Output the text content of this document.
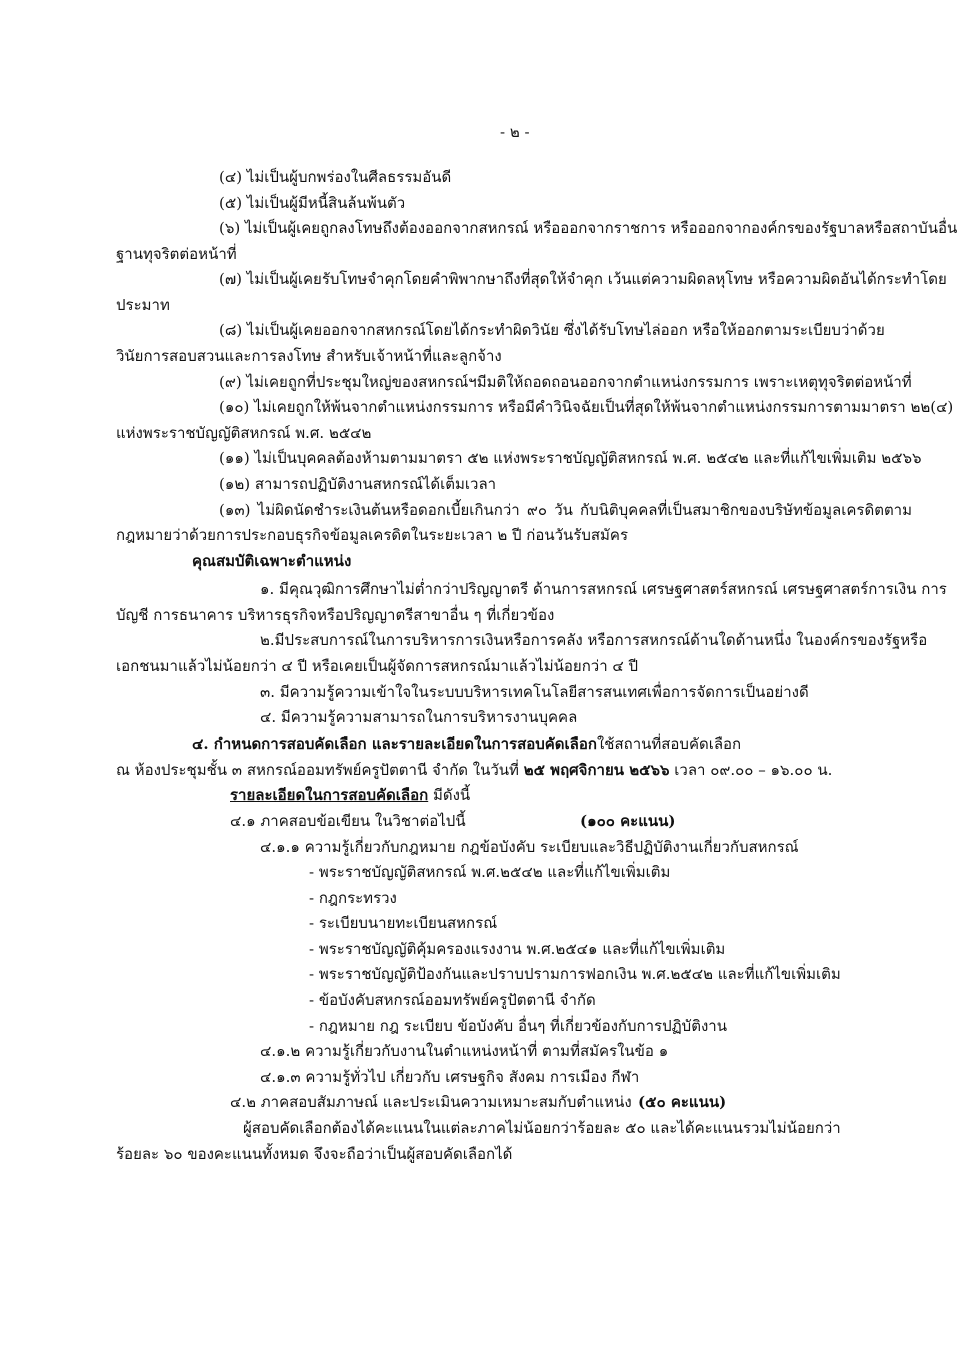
- ๒ -
(๔) ไม่เป็นผู้บกพร่องในศีลธรรมอันดี
(๕) ไม่เป็นผู้มีหนี้สินล้นพ้นตัว
(๖) ไม่เป็นผู้เคยถูกลงโทษถึงต้องออกจากสหกรณ์ หรือออกจากราชการ หรือออกจากองค์กรของรัฐบาลหรือสถาบันอื่น
ฐานทุจริตต่อหน้าที่
(๗) ไม่เป็นผู้เคยรับโทษจำคุกโดยคำพิพากษาถึงที่สุดให้จำคุก เว้นแต่ความผิดลหุโทษ หรือความผิดอันได้กระทำโดย
ประมาท
(๘) ไม่เป็นผู้เคยออกจากสหกรณ์โดยได้กระทำผิดวินัย ซึ่งได้รับโทษไล่ออก หรือให้ออกตามระเบียบว่าด้วย
วินัยการสอบสวนและการลงโทษ สำหรับเจ้าหน้าที่และลูกจ้าง
(๙) ไม่เคยถูกที่ประชุมใหญ่ของสหกรณ์ฯมีมติให้ถอดถอนออกจากตำแหน่งกรรมการ เพราะเหตุทุจริตต่อหน้าที่
(๑๐) ไม่เคยถูกให้พ้นจากตำแหน่งกรรมการ หรือมีคำวินิจฉัยเป็นที่สุดให้พ้นจากตำแหน่งกรรมการตามมาตรา ๒๒(๔)
แห่งพระราชบัญญัติสหกรณ์ พ.ศ. ๒๕๔๒
(๑๑) ไม่เป็นบุคคลต้องห้ามตามมาตรา ๕๒ แห่งพระราชบัญญัติสหกรณ์ พ.ศ. ๒๕๔๒ และที่แก้ไขเพิ่มเติม ๒๕๖๖
(๑๒) สามารถปฏิบัติงานสหกรณ์ได้เต็มเวลา
(๑๓) ไม่ผิดนัดชำระเงินต้นหรือดอกเบี้ยเกินกว่า ๙๐ วัน กับนิติบุคคลที่เป็นสมาชิกของบริษัทข้อมูลเครดิตตาม
กฎหมายว่าด้วยการประกอบธุรกิจข้อมูลเครดิตในระยะเวลา ๒ ปี ก่อนวันรับสมัคร
คุณสมบัติเฉพาะตำแหน่ง
๑. มีคุณวุฒิการศึกษาไม่ต่ำกว่าปริญญาตรี ด้านการสหกรณ์ เศรษฐศาสตร์สหกรณ์ เศรษฐศาสตร์การเงิน การ
บัญชี การธนาคาร บริหารธุรกิจหรือปริญญาตรีสาขาอื่น ๆ ที่เกี่ยวข้อง
๒.มีประสบการณ์ในการบริหารการเงินหรือการคลัง หรือการสหกรณ์ด้านใดด้านหนึ่ง ในองค์กรของรัฐหรือ
เอกชนมาแล้วไม่น้อยกว่า ๔ ปี หรือเคยเป็นผู้จัดการสหกรณ์มาแล้วไม่น้อยกว่า ๔ ปี
๓. มีความรู้ความเข้าใจในระบบบริหารเทคโนโลยีสารสนเทศเพื่อการจัดการเป็นอย่างดี
๔. มีความรู้ความสามารถในการบริหารงานบุคคล
๔. กำหนดการสอบคัดเลือก และรายละเอียดในการสอบคัดเลือกใช้สถานที่สอบคัดเลือก
ณ ห้องประชุมชั้น ๓ สหกรณ์ออมทรัพย์ครูปัตตานี จำกัด ในวันที่ ๒๕ พฤศจิกายน ๒๕๖๖ เวลา ๐๙.๐๐ – ๑๖.๐๐ น.
รายละเอียดในการสอบคัดเลือก มีดังนี้
๔.๑ ภาคสอบข้อเขียน ในวิชาต่อไปนี้	(๑๐๐ คะแนน)
๔.๑.๑ ความรู้เกี่ยวกับกฎหมาย กฎข้อบังคับ ระเบียบและวิธีปฏิบัติงานเกี่ยวกับสหกรณ์
- พระราชบัญญัติสหกรณ์ พ.ศ.๒๕๔๒ และที่แก้ไขเพิ่มเติม
- กฎกระทรวง
- ระเบียบนายทะเบียนสหกรณ์
- พระราชบัญญัติคุ้มครองแรงงาน พ.ศ.๒๕๔๑ และที่แก้ไขเพิ่มเติม
- พระราชบัญญัติป้องกันและปราบปรามการฟอกเงิน พ.ศ.๒๕๔๒ และที่แก้ไขเพิ่มเติม
- ข้อบังคับสหกรณ์ออมทรัพย์ครูปัตตานี จำกัด
- กฎหมาย กฎ ระเบียบ ข้อบังคับ อื่นๆ ที่เกี่ยวข้องกับการปฏิบัติงาน
๔.๑.๒ ความรู้เกี่ยวกับงานในตำแหน่งหน้าที่ ตามที่สมัครในข้อ ๑
๔.๑.๓ ความรู้ทั่วไป เกี่ยวกับ เศรษฐกิจ สังคม การเมือง กีฬา
๔.๒ ภาคสอบสัมภาษณ์ และประเมินความเหมาะสมกับตำแหน่ง (๕๐ คะแนน)
ผู้สอบคัดเลือกต้องได้คะแนนในแต่ละภาคไม่น้อยกว่าร้อยละ ๕๐ และได้คะแนนรวมไม่น้อยกว่า
ร้อยละ ๖๐ ของคะแนนทั้งหมด จึงจะถือว่าเป็นผู้สอบคัดเลือกได้
